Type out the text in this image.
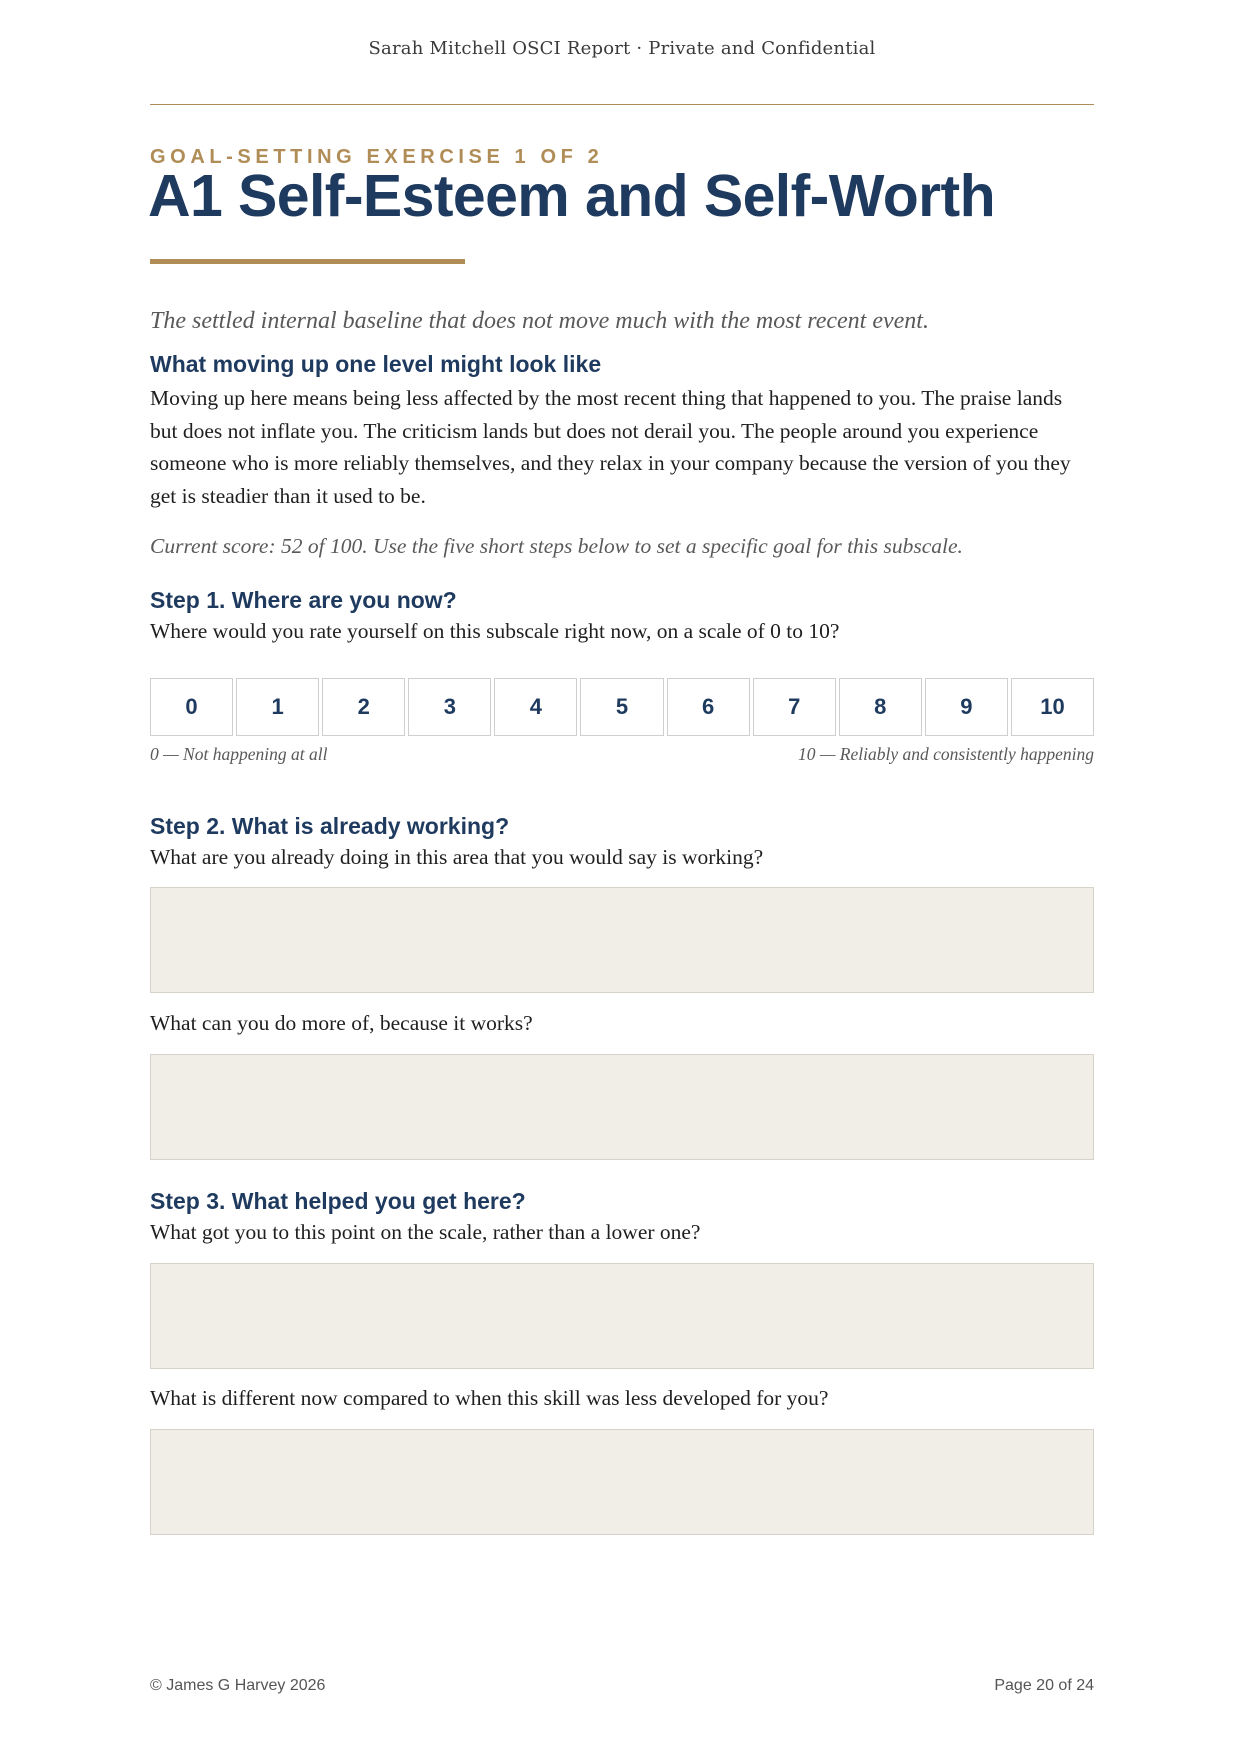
Sarah Mitchell OSCI Report · Private and Confidential
GOAL-SETTING EXERCISE 1 OF 2
A1 Self-Esteem and Self-Worth
The settled internal baseline that does not move much with the most recent event.
What moving up one level might look like
Moving up here means being less affected by the most recent thing that happened to you. The praise lands but does not inflate you. The criticism lands but does not derail you. The people around you experience someone who is more reliably themselves, and they relax in your company because the version of you they get is steadier than it used to be.
Current score: 52 of 100. Use the five short steps below to set a specific goal for this subscale.
Step 1. Where are you now?
Where would you rate yourself on this subscale right now, on a scale of 0 to 10?
0	1	2	3	4	5	6	7	8	9	10
0 — Not happening at all	10 — Reliably and consistently happening
Step 2. What is already working?
What are you already doing in this area that you would say is working?
What can you do more of, because it works?
Step 3. What helped you get here?
What got you to this point on the scale, rather than a lower one?
What is different now compared to when this skill was less developed for you?
© James G Harvey 2026	Page 20 of 24
